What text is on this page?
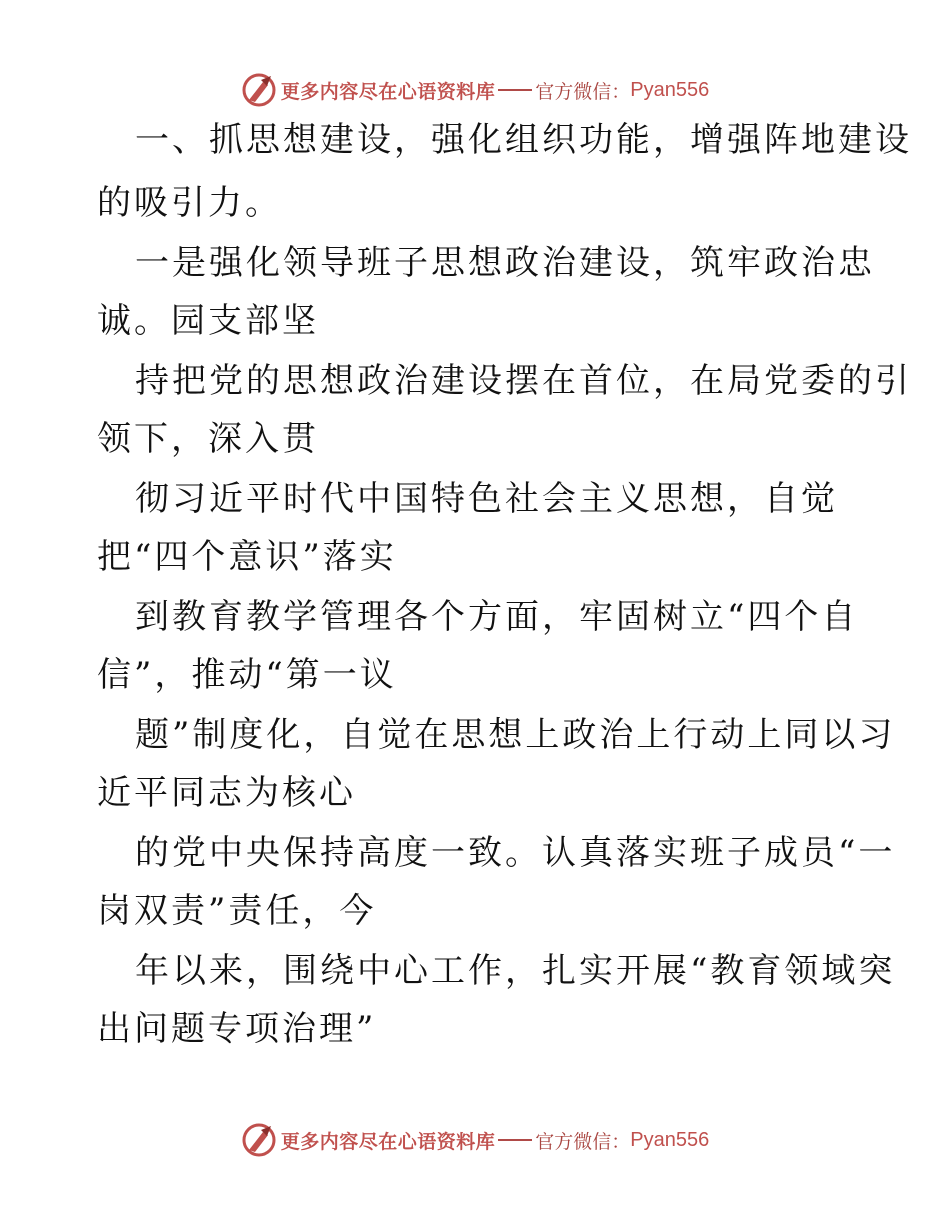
更多内容尽在心语资料库 官方微信： Pyan556
一、抓思想建设，强化组织功能，增强阵地建设
的吸引力。
一是强化领导班子思想政治建设，筑牢政治忠
诚。园支部坚
持把党的思想政治建设摆在首位，在局党委的引
领下，深入贯
彻习近平时代中国特色社会主义思想，自觉
把“四个意识”落实
到教育教学管理各个方面，牢固树立“四个自
信”，推动“第一议
题”制度化，自觉在思想上政治上行动上同以习
近平同志为核心
的党中央保持高度一致。认真落实班子成员“一
岗双责”责任，今
年以来，围绕中心工作，扎实开展“教育领域突
出问题专项治理”
更多内容尽在心语资料库 官方微信： Pyan556
